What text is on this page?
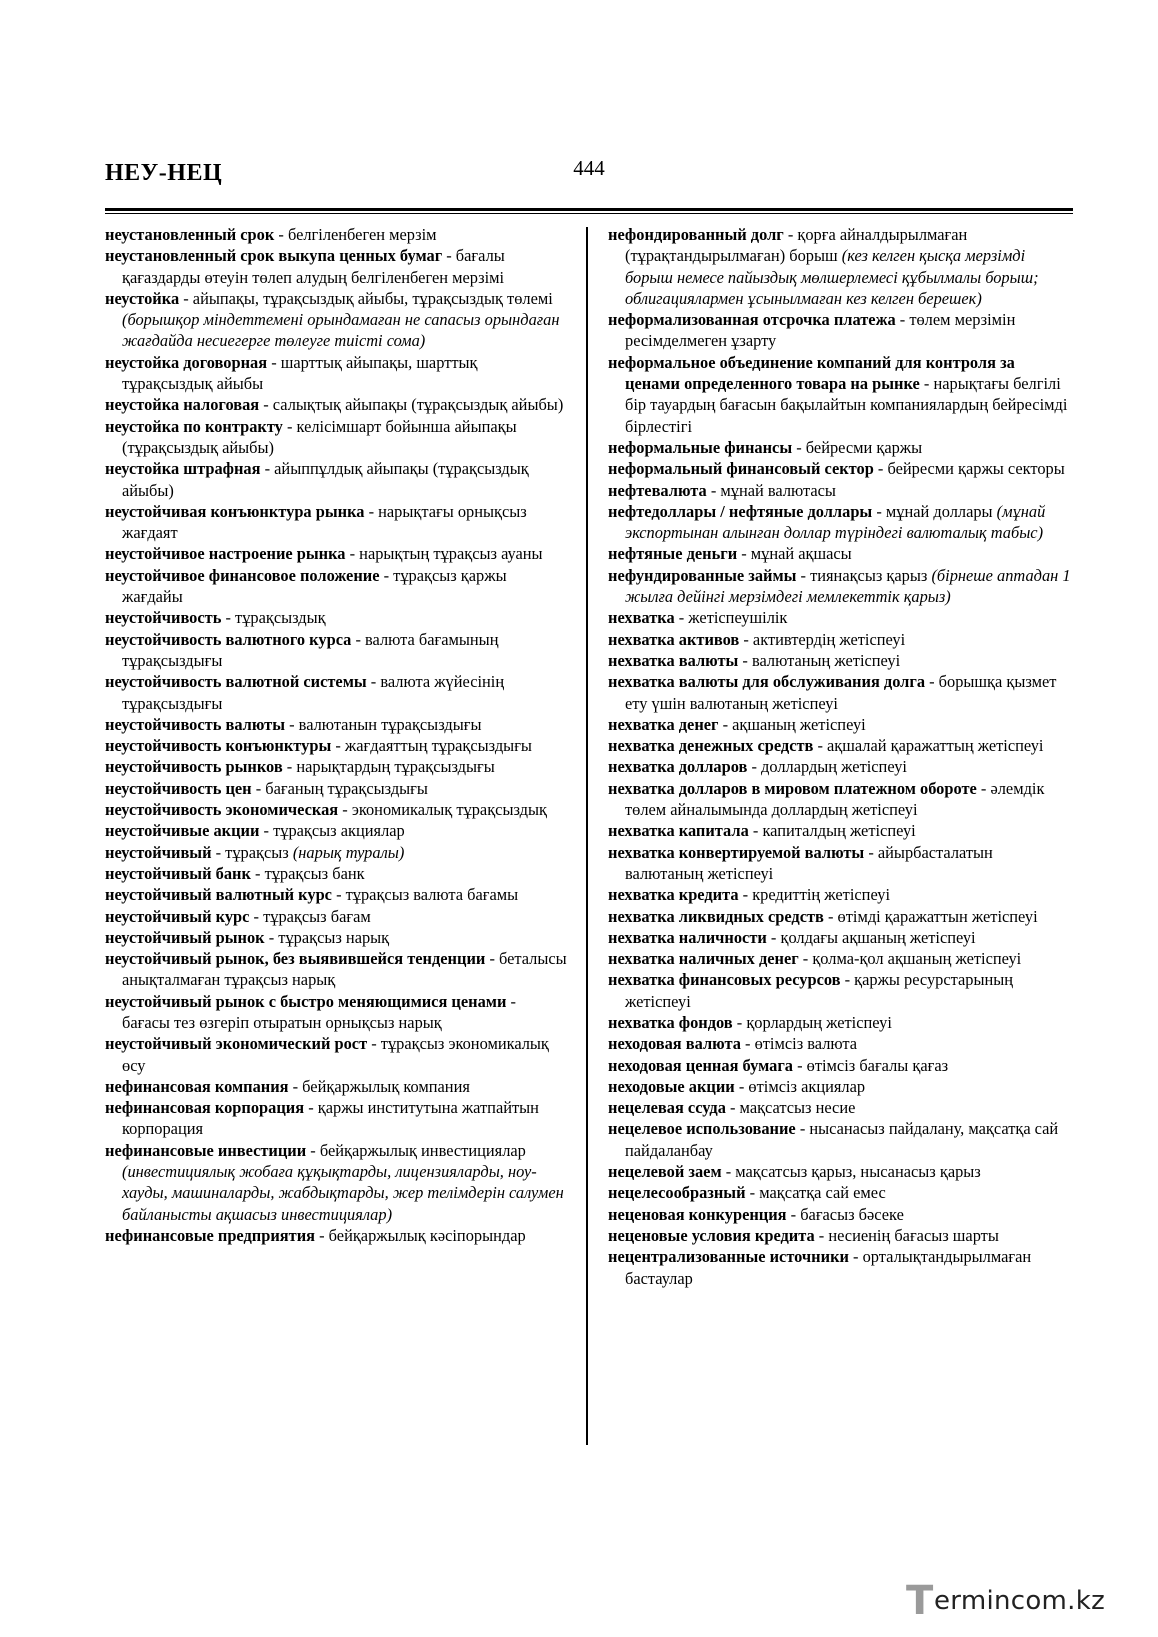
НЕУ-НЕЦ	444

неустановленный срок - белгіленбеген мерзім

неустановленный срок выкупа ценных бумаг - бағалы қағаздарды өтеуін төлеп алудың белгіленбеген мерзімі

неустойка - айыпақы, тұрақсыздық айыбы, тұрақсыздық төлемі (борышқор міндеттемені орындамаған не сапасыз орындаған жағдайда несиегерге төлеуге тиісті сома)

неустойка договорная - шарттық айыпақы, шарттық тұрақсыздық айыбы

неустойка налоговая - салықтық айыпақы (тұрақсыздық айыбы)

неустойка по контракту - келісімшарт бойынша айыпақы (тұрақсыздық айыбы)

неустойка штрафная - айыппұлдық айыпақы (тұрақсыздық айыбы)

неустойчивая конъюнктура рынка - нарықтағы орнықсыз жағдаят

неустойчивое настроение рынка - нарықтың тұрақсыз ауаны

неустойчивое финансовое положение - тұрақсыз қаржы жағдайы

неустойчивость - тұрақсыздық

неустойчивость валютного курса - валюта бағамының тұрақсыздығы

неустойчивость валютной системы - валюта жүйесінің тұрақсыздығы

неустойчивость валюты - валютанын тұрақсыздығы

неустойчивость конъюнктуры - жағдаяттың тұрақсыздығы

неустойчивость рынков - нарықтардың тұрақсыздығы

неустойчивость цен - бағаның тұрақсыздығы

неустойчивость экономическая - экономикалық тұрақсыздық

неустойчивые акции - тұрақсыз акциялар

неустойчивый - тұрақсыз (нарық туралы)

неустойчивый банк - тұрақсыз банк

неустойчивый валютный курс - тұрақсыз валюта бағамы

неустойчивый курс - тұрақсыз бағам

неустойчивый рынок - тұрақсыз нарық

неустойчивый рынок, без выявившейся тенденции - беталысы анықталмаған тұрақсыз нарық

неустойчивый рынок с быстро меняющимися ценами - бағасы тез өзгеріп отыратын орнықсыз нарық

неустойчивый экономический рост - тұрақсыз экономикалық өсу

нефинансовая компания - бейқаржылық компания

нефинансовая корпорация - қаржы институтына жатпайтын корпорация

нефинансовые инвестиции - бейқаржылық инвестициялар (инвестициялық жобаға құқықтарды, лицензияларды, ноу-хауды, машиналарды, жабдықтарды, жер телімдерін салумен байланысты ақшасыз инвестициялар)

нефинансовые предприятия - бейқаржылық кәсіпорындар

нефондированный долг - қорға айналдырылмаған (тұрақтандырылмаған) борыш (кез келген қысқа мерзімді борыш немесе пайыздық мөлшерлемесі құбылмалы борыш; облигациялармен ұсынылмаған кез келген берешек)

неформализованная отсрочка платежа - төлем мерзімін ресімделмеген ұзарту

неформальное объединение компаний для контроля за ценами определенного товара на рынке - нарықтағы белгілі бір тауардың бағасын бақылайтын компаниялардың бейресімді бірлестігі

неформальные финансы - бейресми қаржы

неформальный финансовый сектор - бейресми қаржы секторы

нефтевалюта - мұнай валютасы

нефтедоллары / нефтяные доллары - мұнай доллары (мұнай экспортынан алынған доллар түріндегі валюталық табыс)

нефтяные деньги - мұнай ақшасы

нефундированные займы - тиянақсыз қарыз (бірнеше аптадан 1 жылға дейінгі мерзімдегі мемлекеттік қарыз)

нехватка - жетіспеушілік

нехватка активов - активтердің жетіспеуі

нехватка валюты - валютаның жетіспеуі

нехватка валюты для обслуживания долга - борышқа қызмет ету үшін валютаның жетіспеуі

нехватка денег - ақшаның жетіспеуі

нехватка денежных средств - ақшалай қаражаттың жетіспеуі

нехватка долларов - доллардың жетіспеуі

нехватка долларов в мировом платежном обороте - әлемдік төлем айналымында доллардың жетіспеуі

нехватка капитала - капиталдың жетіспеуі

нехватка конвертируемой валюты - айырбасталатын валютаның жетіспеуі

нехватка кредита - кредиттің жетіспеуі

нехватка ликвидных средств - өтімді қаражаттын жетіспеуі

нехватка наличности - қолдағы ақшаның жетіспеуі

нехватка наличных денег - қолма-қол ақшаның жетіспеуі

нехватка финансовых ресурсов - қаржы ресурстарының жетіспеуі

нехватка фондов - қорлардың жетіспеуі

неходовая валюта - өтімсіз валюта

неходовая ценная бумага - өтімсіз бағалы қағаз

неходовые акции - өтімсіз акциялар

нецелевая ссуда - мақсатсыз несие

нецелевое использование - нысанасыз пайдалану, мақсатқа сай пайдаланбау

нецелевой заем - мақсатсыз қарыз, нысанасыз қарыз

нецелесообразный - мақсатқа сай емес

неценовая конкуренция - бағасыз бәсеке

неценовые условия кредита - несиенің бағасыз шарты

нецентрализованные источники - орталықтандырылмаған бастаулар

T ermincom.kz
